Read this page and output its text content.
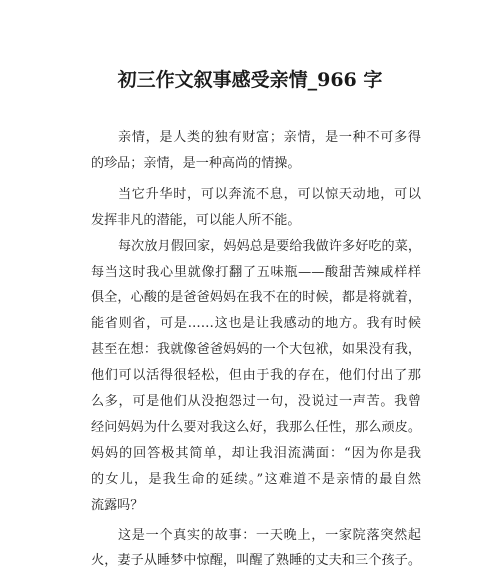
初三作文叙事感受亲情_966 字
亲情，是人类的独有财富；亲情，是一种不可多得
的珍品；亲情，是一种高尚的情操。
当它升华时，可以奔流不息，可以惊天动地，可以
发挥非凡的潜能，可以能人所不能。
每次放月假回家，妈妈总是要给我做许多好吃的菜，
每当这时我心里就像打翻了五味瓶——酸甜苦辣咸样样
俱全，心酸的是爸爸妈妈在我不在的时候，都是将就着，
能省则省，可是……这也是让我感动的地方。我有时候
甚至在想：我就像爸爸妈妈的一个大包袱，如果没有我，
他们可以活得很轻松，但由于我的存在，他们付出了那
么多，可是他们从没抱怨过一句，没说过一声苦。我曾
经问妈妈为什么要对我这么好，我那么任性，那么顽皮。
妈妈的回答极其简单，却让我泪流满面：“因为你是我
的女儿，是我生命的延续。”这难道不是亲情的最自然
流露吗？
这是一个真实的故事：一天晚上，一家院落突然起
火，妻子从睡梦中惊醒，叫醒了熟睡的丈夫和三个孩子。
